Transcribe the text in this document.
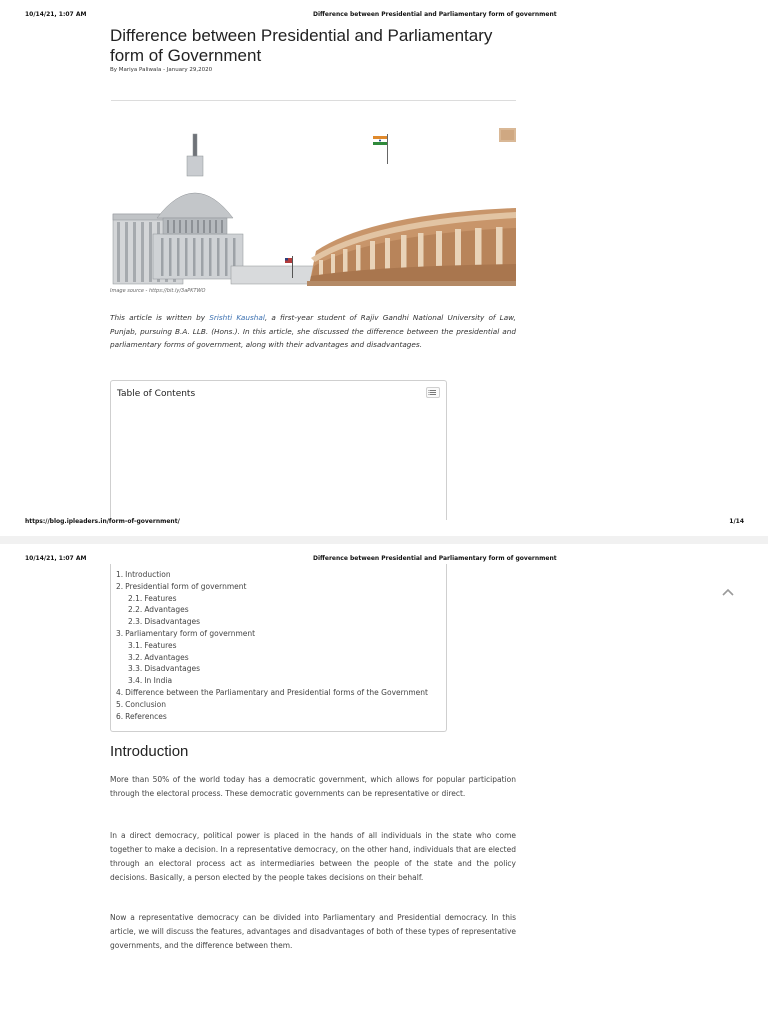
10/14/21, 1:07 AM	Difference between Presidential and Parliamentary form of government
Difference between Presidential and Parliamentary form of Government
By Mariya Paliwala - January 29,2020
Image source - https://bit.ly/3aPKTWO

This article is written by Srishti Kaushal, a first-year student of Rajiv Gandhi National University of Law, Punjab, pursuing B.A. LLB. (Hons.). In this article, she discussed the difference between the presidential and parliamentary forms of government, along with their advantages and disadvantages.

Table of Contents
https://blog.ipleaders.in/form-of-government/	1/14
10/14/21, 1:07 AM	Difference between Presidential and Parliamentary form of government
1. Introduction
2. Presidential form of government
2.1. Features
2.2. Advantages
2.3. Disadvantages
3. Parliamentary form of government
3.1. Features
3.2. Advantages
3.3. Disadvantages
3.4. In India
4. Difference between the Parliamentary and Presidential forms of the Government
5. Conclusion
6. References
Introduction

More than 50% of the world today has a democratic government, which allows for popular participation through the electoral process. These democratic governments can be representative or direct.

In a direct democracy, political power is placed in the hands of all individuals in the state who come together to make a decision. In a representative democracy, on the other hand, individuals that are elected through an electoral process act as intermediaries between the people of the state and the policy decisions. Basically, a person elected by the people takes decisions on their behalf.

Now a representative democracy can be divided into Parliamentary and Presidential democracy. In this article, we will discuss the features, advantages and disadvantages of both of these types of representative governments, and the difference between them.
